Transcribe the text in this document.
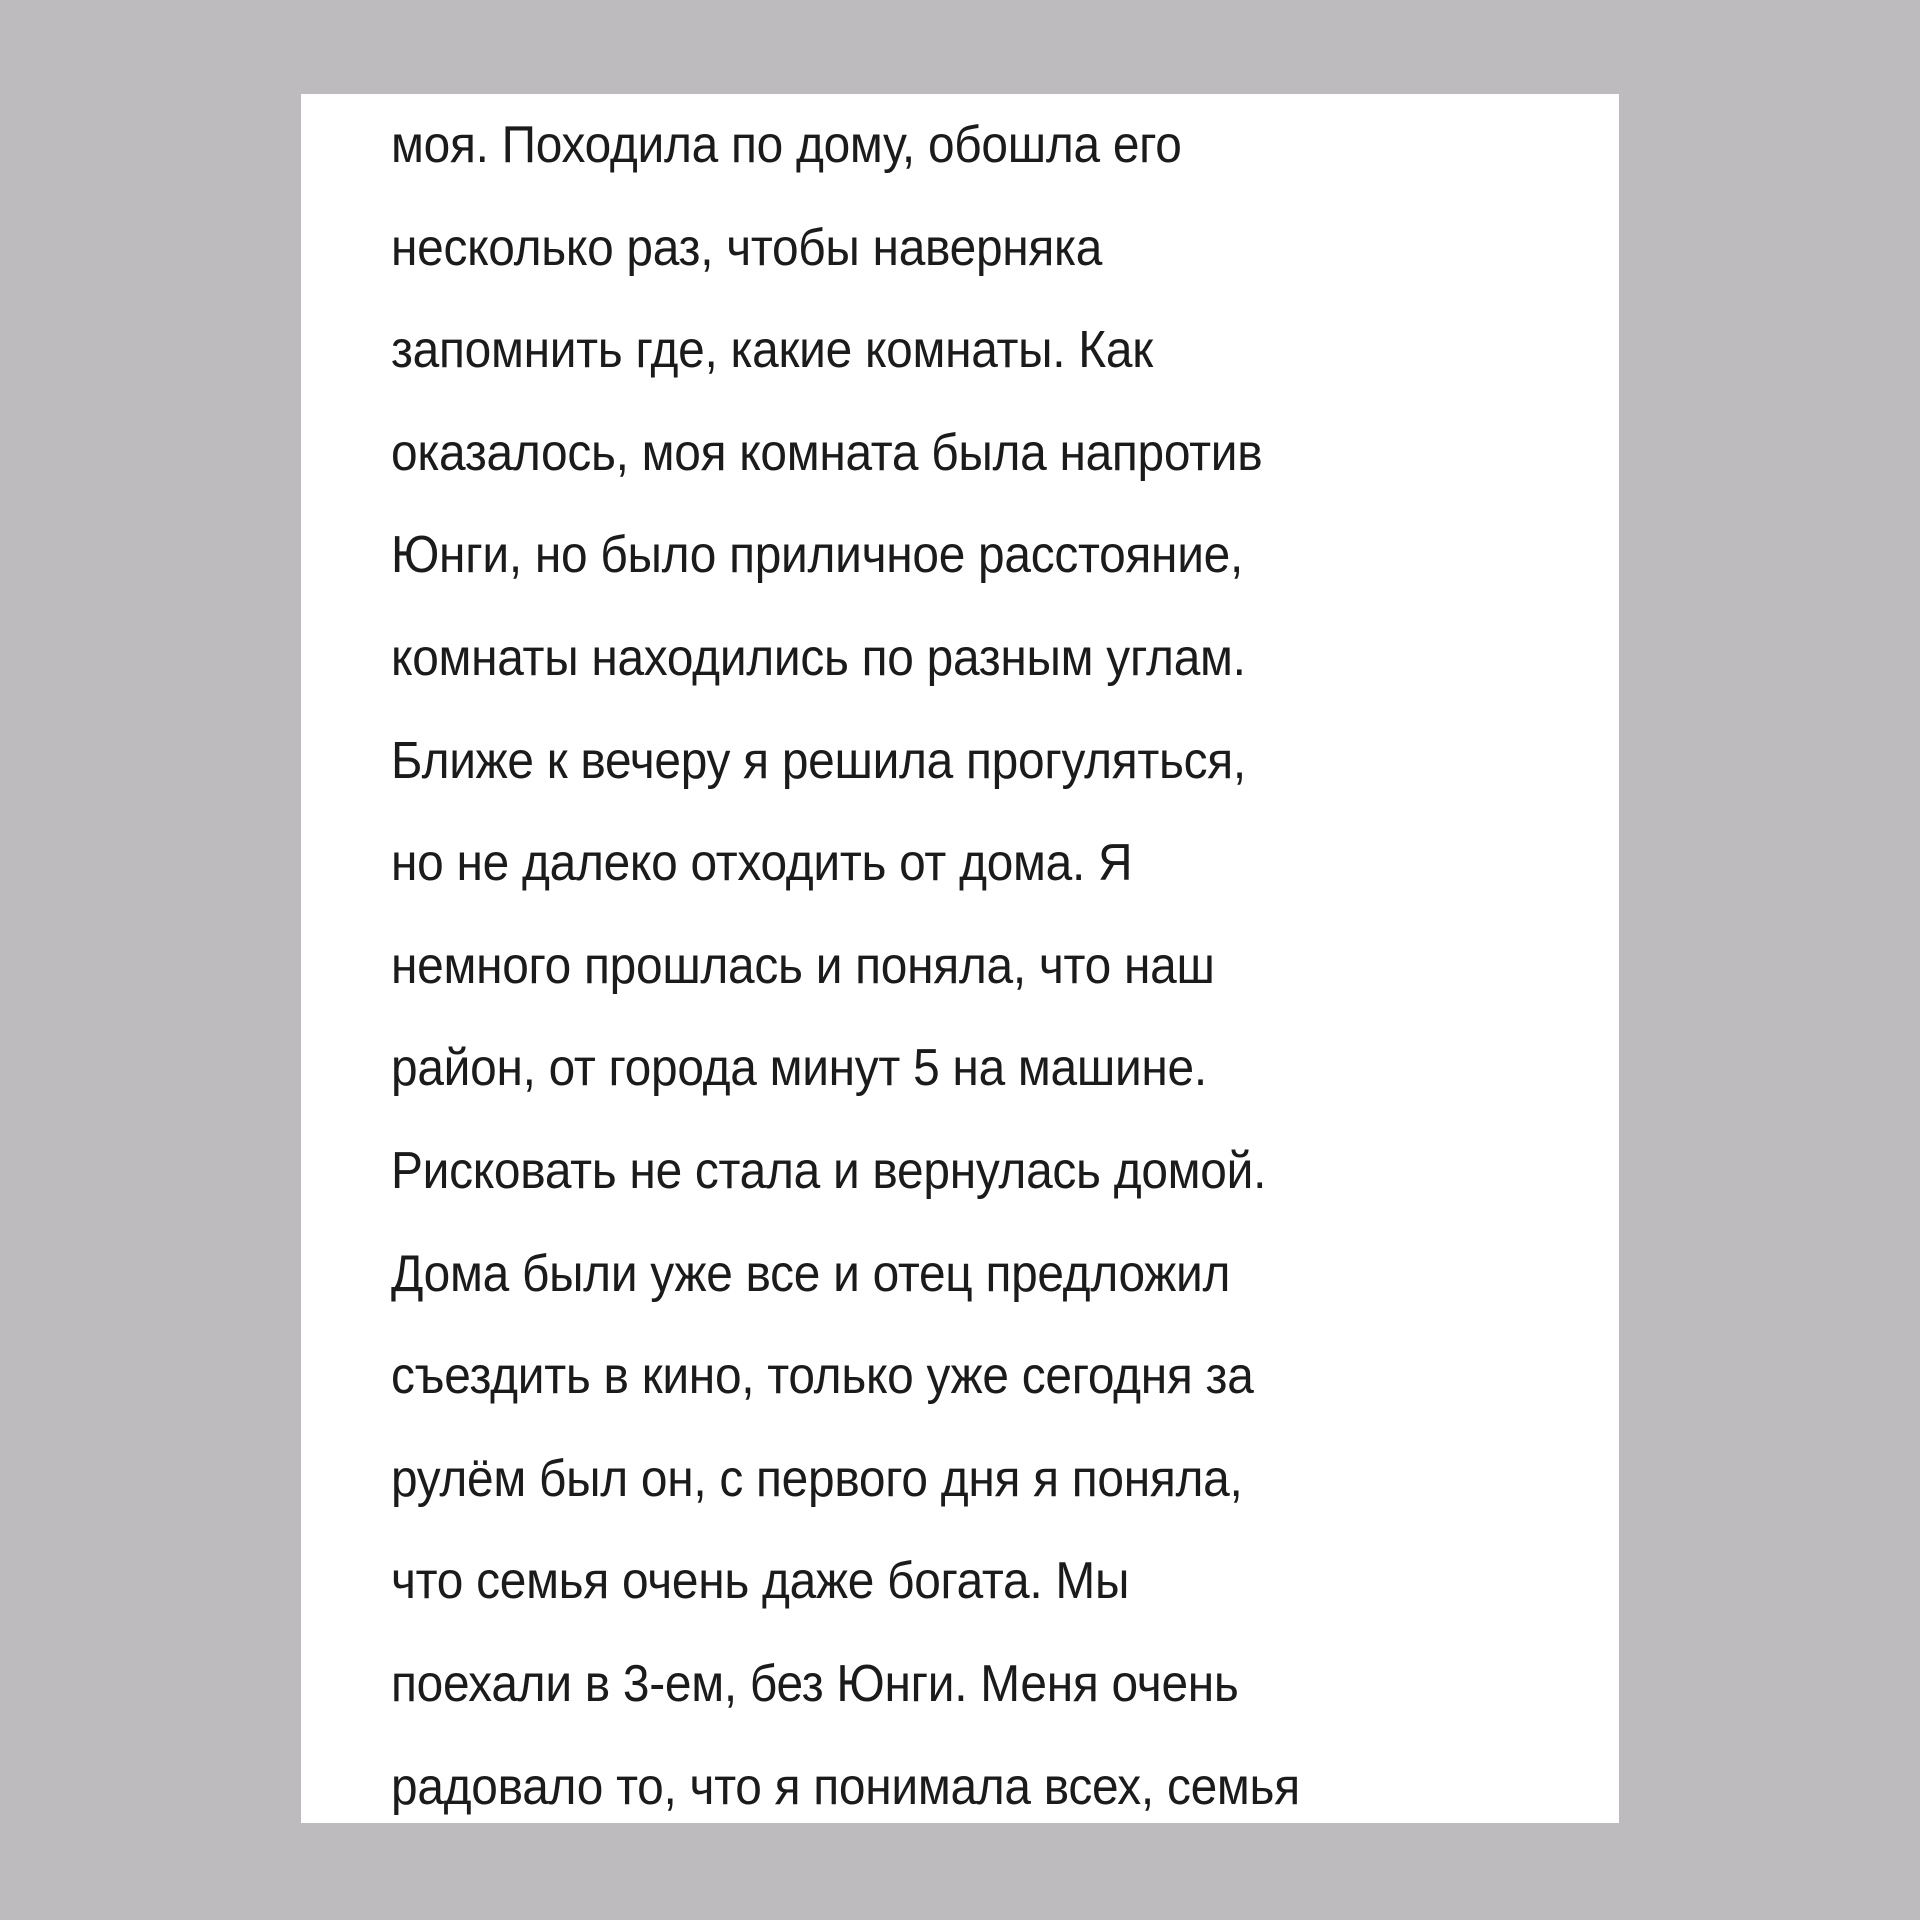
моя. Походила по дому, обошла его
несколько раз, чтобы наверняка
запомнить где, какие комнаты. Как
оказалось, моя комната была напротив
Юнги, но было приличное расстояние,
комнаты находились по разным углам.
Ближе к вечеру я решила прогуляться,
но не далеко отходить от дома. Я
немного прошлась и поняла, что наш
район, от города минут 5 на машине.
Рисковать не стала и вернулась домой.
Дома были уже все и отец предложил
съездить в кино, только уже сегодня за
рулём был он, с первого дня я поняла,
что семья очень даже богата. Мы
поехали в 3-ем, без Юнги. Меня очень
радовало то, что я понимала всех, семья
